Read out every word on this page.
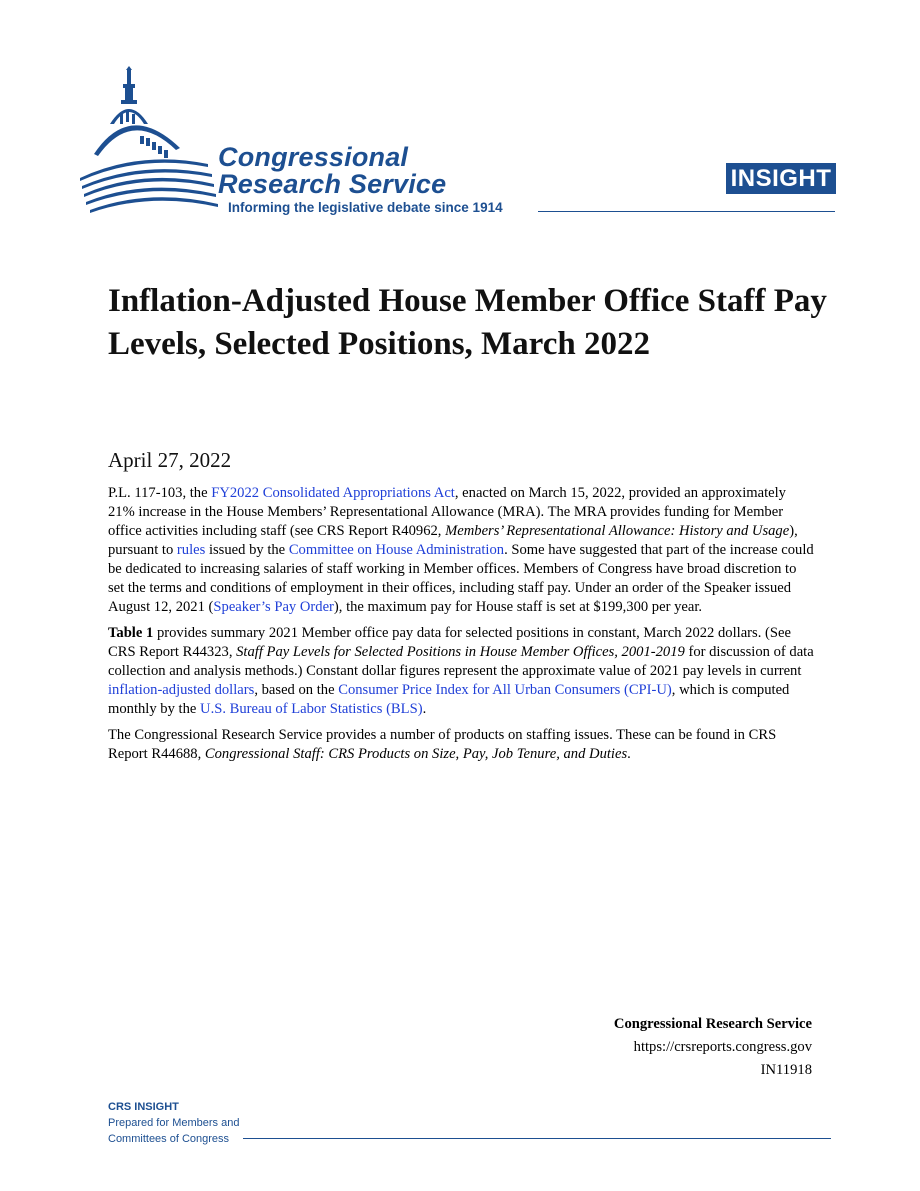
Congressional
Research Service
Informing the legislative debate since 1914
INSIGHT
Inflation-Adjusted House Member Office Staff Pay Levels, Selected Positions, March 2022
April 27, 2022

P.L. 117-103, the FY2022 Consolidated Appropriations Act, enacted on March 15, 2022, provided an approximately 21% increase in the House Members’ Representational Allowance (MRA). The MRA provides funding for Member office activities including staff (see CRS Report R40962, Members’ Representational Allowance: History and Usage), pursuant to rules issued by the Committee on House Administration. Some have suggested that part of the increase could be dedicated to increasing salaries of staff working in Member offices. Members of Congress have broad discretion to set the terms and conditions of employment in their offices, including staff pay. Under an order of the Speaker issued August 12, 2021 (Speaker’s Pay Order), the maximum pay for House staff is set at $199,300 per year.

Table 1 provides summary 2021 Member office pay data for selected positions in constant, March 2022 dollars. (See CRS Report R44323, Staff Pay Levels for Selected Positions in House Member Offices, 2001-2019 for discussion of data collection and analysis methods.) Constant dollar figures represent the approximate value of 2021 pay levels in current inflation-adjusted dollars, based on the Consumer Price Index for All Urban Consumers (CPI-U), which is computed monthly by the U.S. Bureau of Labor Statistics (BLS).

The Congressional Research Service provides a number of products on staffing issues. These can be found in CRS Report R44688, Congressional Staff: CRS Products on Size, Pay, Job Tenure, and Duties.

Congressional Research Service
https://crsreports.congress.gov
IN11918
CRS INSIGHT
Prepared for Members and
Committees of Congress
